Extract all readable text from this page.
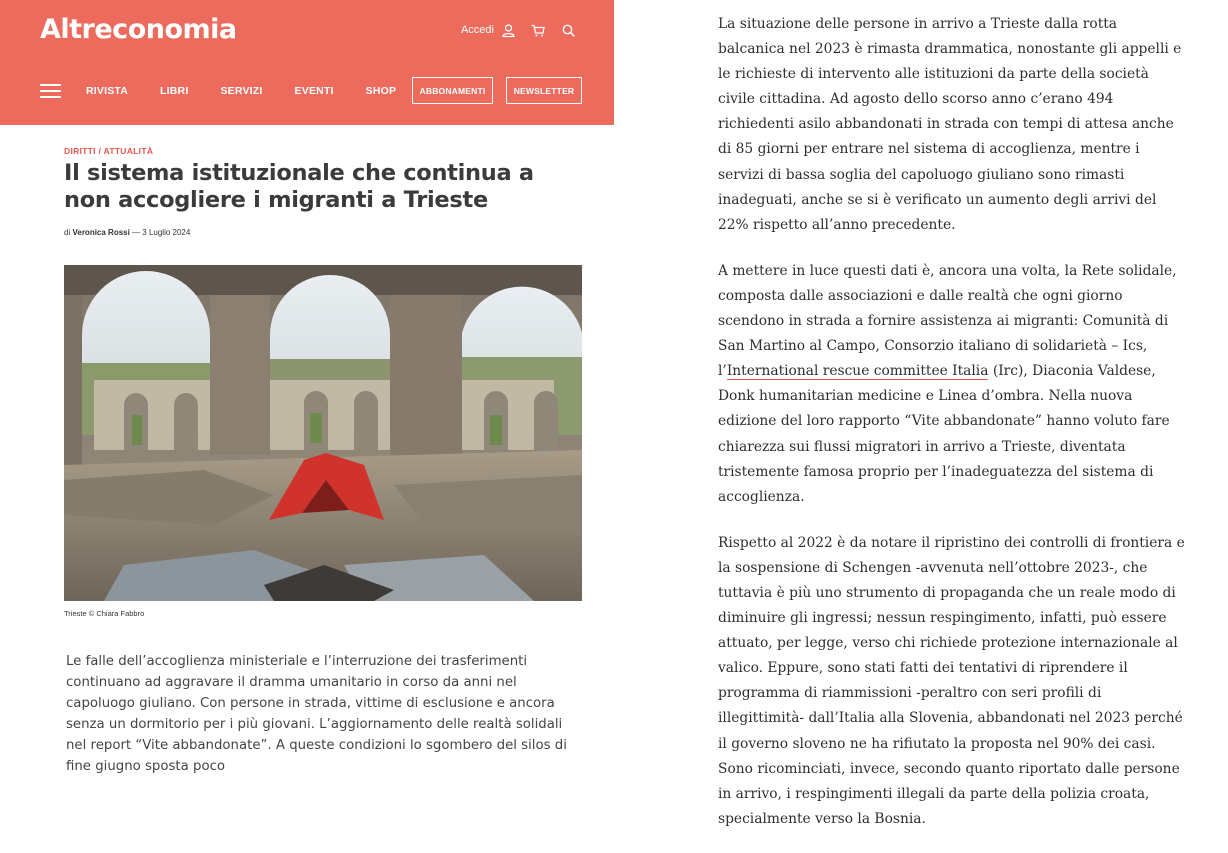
Altreconomia	Accedi
RIVISTA	LIBRI	SERVIZI	EVENTI	SHOP	ABBONAMENTI	NEWSLETTER
DIRITTI / ATTUALITÀ
Il sistema istituzionale che continua a non accogliere i migranti a Trieste
di Veronica Rossi — 3 Luglio 2024
Trieste © Chiara Fabbro

Le falle dell’accoglienza ministeriale e l’interruzione dei trasferimenti continuano ad aggravare il dramma umanitario in corso da anni nel capoluogo giuliano. Con persone in strada, vittime di esclusione e ancora senza un dormitorio per i più giovani. L’aggiornamento delle realtà solidali nel report “Vite abbandonate”. A queste condizioni lo sgombero del silos di fine giugno sposta poco

La situazione delle persone in arrivo a Trieste dalla rotta balcanica nel 2023 è rimasta drammatica, nonostante gli appelli e le richieste di intervento alle istituzioni da parte della società civile cittadina. Ad agosto dello scorso anno c’erano 494 richiedenti asilo abbandonati in strada con tempi di attesa anche di 85 giorni per entrare nel sistema di accoglienza, mentre i servizi di bassa soglia del capoluogo giuliano sono rimasti inadeguati, anche se si è verificato un aumento degli arrivi del 22% rispetto all’anno precedente.

A mettere in luce questi dati è, ancora una volta, la Rete solidale, composta dalle associazioni e dalle realtà che ogni giorno scendono in strada a fornire assistenza ai migranti: Comunità di San Martino al Campo, Consorzio italiano di solidarietà – Ics, l’International rescue committee Italia (Irc), Diaconia Valdese, Donk humanitarian medicine e Linea d’ombra. Nella nuova edizione del loro rapporto “Vite abbandonate” hanno voluto fare chiarezza sui flussi migratori in arrivo a Trieste, diventata tristemente famosa proprio per l’inadeguatezza del sistema di accoglienza.

Rispetto al 2022 è da notare il ripristino dei controlli di frontiera e la sospensione di Schengen -avvenuta nell’ottobre 2023-, che tuttavia è più uno strumento di propaganda che un reale modo di diminuire gli ingressi; nessun respingimento, infatti, può essere attuato, per legge, verso chi richiede protezione internazionale al valico. Eppure, sono stati fatti dei tentativi di riprendere il programma di riammissioni -peraltro con seri profili di illegittimità- dall’Italia alla Slovenia, abbandonati nel 2023 perché il governo sloveno ne ha rifiutato la proposta nel 90% dei casi. Sono ricominciati, invece, secondo quanto riportato dalle persone in arrivo, i respingimenti illegali da parte della polizia croata, specialmente verso la Bosnia.
